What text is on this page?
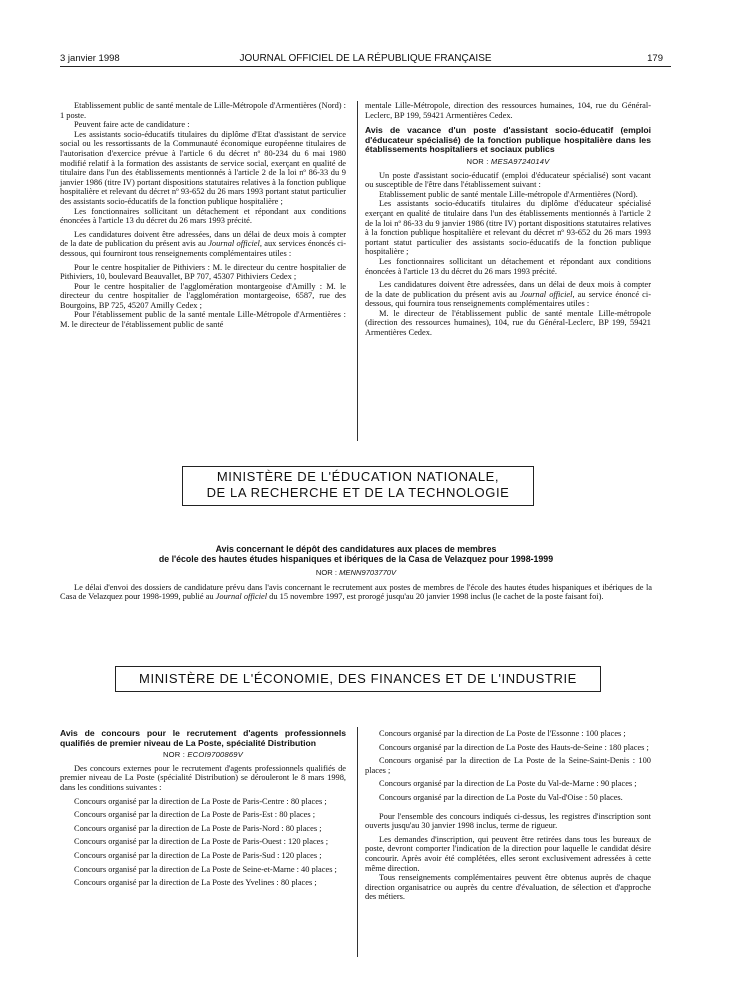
3 janvier 1998	JOURNAL OFFICIEL DE LA RÉPUBLIQUE FRANÇAISE	179

Etablissement public de santé mentale de Lille-Métropole d'Armentières (Nord) : 1 poste.

Peuvent faire acte de candidature :

Les assistants socio-éducatifs titulaires du diplôme d'Etat d'assistant de service social ou les ressortissants de la Communauté économique européenne titulaires de l'autorisation d'exercice prévue à l'article 6 du décret nº 80-234 du 6 mai 1980 modifié relatif à la formation des assistants de service social, exerçant en qualité de titulaire dans l'un des établissements mentionnés à l'article 2 de la loi nº 86-33 du 9 janvier 1986 (titre IV) portant dispositions statutaires relatives à la fonction publique hospitalière et relevant du décret nº 93-652 du 26 mars 1993 portant statut particulier des assistants socio-éducatifs de la fonction publique hospitalière ;

Les fonctionnaires sollicitant un détachement et répondant aux conditions énoncées à l'article 13 du décret du 26 mars 1993 précité.

Les candidatures doivent être adressées, dans un délai de deux mois à compter de la date de publication du présent avis au Journal officiel, aux services énoncés ci-dessous, qui fourniront tous renseignements complémentaires utiles :

Pour le centre hospitalier de Pithiviers : M. le directeur du centre hospitalier de Pithiviers, 10, boulevard Beauvallet, BP 707, 45307 Pithiviers Cedex ;

Pour le centre hospitalier de l'agglomération montargeoise d'Amilly : M. le directeur du centre hospitalier de l'agglomération montargeoise, 6587, rue des Bourgoins, BP 725, 45207 Amilly Cedex ;

Pour l'établissement public de la santé mentale Lille-Métropole d'Armentières : M. le directeur de l'établissement public de santé

mentale Lille-Métropole, direction des ressources humaines, 104, rue du Général-Leclerc, BP 199, 59421 Armentières Cedex.

Avis de vacance d'un poste d'assistant socio-éducatif (emploi d'éducateur spécialisé) de la fonction publique hospitalière dans les établissements hospitaliers et sociaux publics

NOR : MESA9724014V

Un poste d'assistant socio-éducatif (emploi d'éducateur spécialisé) sont vacant ou susceptible de l'être dans l'établissement suivant :

Etablissement public de santé mentale Lille-métropole d'Armentières (Nord).

Les assistants socio-éducatifs titulaires du diplôme d'éducateur spécialisé exerçant en qualité de titulaire dans l'un des établissements mentionnés à l'article 2 de la loi nº 86-33 du 9 janvier 1986 (titre IV) portant dispositions statutaires relatives à la fonction publique hospitalière et relevant du décret nº 93-652 du 26 mars 1993 portant statut particulier des assistants socio-éducatifs de la fonction publique hospitalière ;

Les fonctionnaires sollicitant un détachement et répondant aux conditions énoncées à l'article 13 du décret du 26 mars 1993 précité.

Les candidatures doivent être adressées, dans un délai de deux mois à compter de la date de publication du présent avis au Journal officiel, au service énoncé ci-dessous, qui fournira tous renseignements complémentaires utiles :

M. le directeur de l'établissement public de santé mentale Lille-métropole (direction des ressources humaines), 104, rue du Général-Leclerc, BP 199, 59421 Armentières Cedex.

MINISTÈRE DE L'ÉDUCATION NATIONALE,
DE LA RECHERCHE ET DE LA TECHNOLOGIE
Avis concernant le dépôt des candidatures aux places de membres
de l'école des hautes études hispaniques et ibériques de la Casa de Velazquez pour 1998-1999
NOR : MENN9703770V

Le délai d'envoi des dossiers de candidature prévu dans l'avis concernant le recrutement aux postes de membres de l'école des hautes études hispaniques et ibériques de la Casa de Velazquez pour 1998-1999, publié au Journal officiel du 15 novembre 1997, est prorogé jusqu'au 20 janvier 1998 inclus (le cachet de la poste faisant foi).

MINISTÈRE DE L'ÉCONOMIE, DES FINANCES ET DE L'INDUSTRIE

Avis de concours pour le recrutement d'agents professionnels qualifiés de premier niveau de La Poste, spécialité Distribution

NOR : ECOI9700869V

Des concours externes pour le recrutement d'agents professionnels qualifiés de premier niveau de La Poste (spécialité Distribution) se dérouleront le 8 mars 1998, dans les conditions suivantes :

Concours organisé par la direction de La Poste de Paris-Centre : 80 places ;

Concours organisé par la direction de La Poste de Paris-Est : 80 places ;

Concours organisé par la direction de La Poste de Paris-Nord : 80 places ;

Concours organisé par la direction de La Poste de Paris-Ouest : 120 places ;

Concours organisé par la direction de La Poste de Paris-Sud : 120 places ;

Concours organisé par la direction de La Poste de Seine-et-Marne : 40 places ;

Concours organisé par la direction de La Poste des Yvelines : 80 places ;

Concours organisé par la direction de La Poste de l'Essonne : 100 places ;

Concours organisé par la direction de La Poste des Hauts-de-Seine : 180 places ;

Concours organisé par la direction de La Poste de la Seine-Saint-Denis : 100 places ;

Concours organisé par la direction de La Poste du Val-de-Marne : 90 places ;

Concours organisé par la direction de La Poste du Val-d'Oise : 50 places.

Pour l'ensemble des concours indiqués ci-dessus, les registres d'inscription sont ouverts jusqu'au 30 janvier 1998 inclus, terme de rigueur.

Les demandes d'inscription, qui peuvent être retirées dans tous les bureaux de poste, devront comporter l'indication de la direction pour laquelle le candidat désire concourir. Après avoir été complétées, elles seront exclusivement adressées à cette même direction.

Tous renseignements complémentaires peuvent être obtenus auprès de chaque direction organisatrice ou auprès du centre d'évaluation, de sélection et d'approche des métiers.
